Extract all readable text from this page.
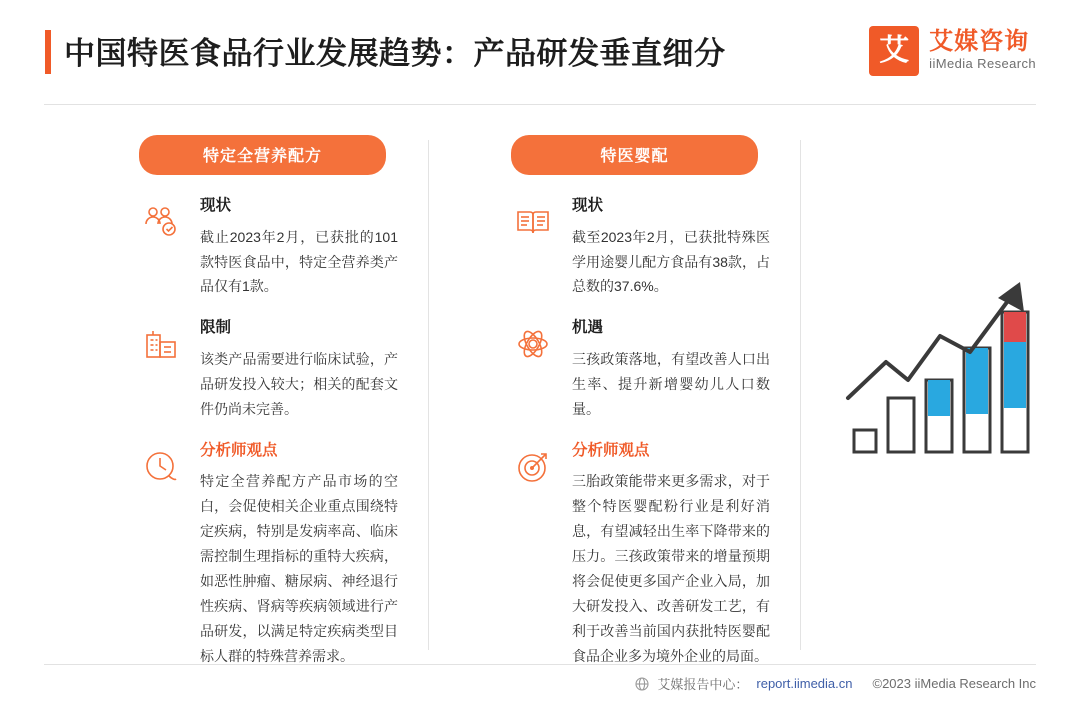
中国特医食品行业发展趋势：产品研发垂直细分	艾 艾媒咨询
iiMedia Research
特定全营养配方

现状

截止2023年2月，已获批的101款特医食品中，特定全营养类产品仅有1款。

限制

该类产品需要进行临床试验，产品研发投入较大；相关的配套文件仍尚未完善。

分析师观点

特定全营养配方产品市场的空白，会促使相关企业重点围绕特定疾病，特别是发病率高、临床需控制生理指标的重特大疾病，如恶性肿瘤、糖尿病、神经退行性疾病、肾病等疾病领域进行产品研发，以满足特定疾病类型目标人群的特殊营养需求。

特医婴配

现状

截至2023年2月，已获批特殊医学用途婴儿配方食品有38款，占总数的37.6%。

机遇

三孩政策落地，有望改善人口出生率、提升新增婴幼儿人口数量。

分析师观点

三胎政策能带来更多需求，对于整个特医婴配粉行业是利好消息，有望减轻出生率下降带来的压力。三孩政策带来的增量预期将会促使更多国产企业入局，加大研发投入、改善研发工艺，有利于改善当前国内获批特医婴配食品企业多为境外企业的局面。

艾媒报告中心： report.iimedia.cn ©2023 iiMedia Research Inc
